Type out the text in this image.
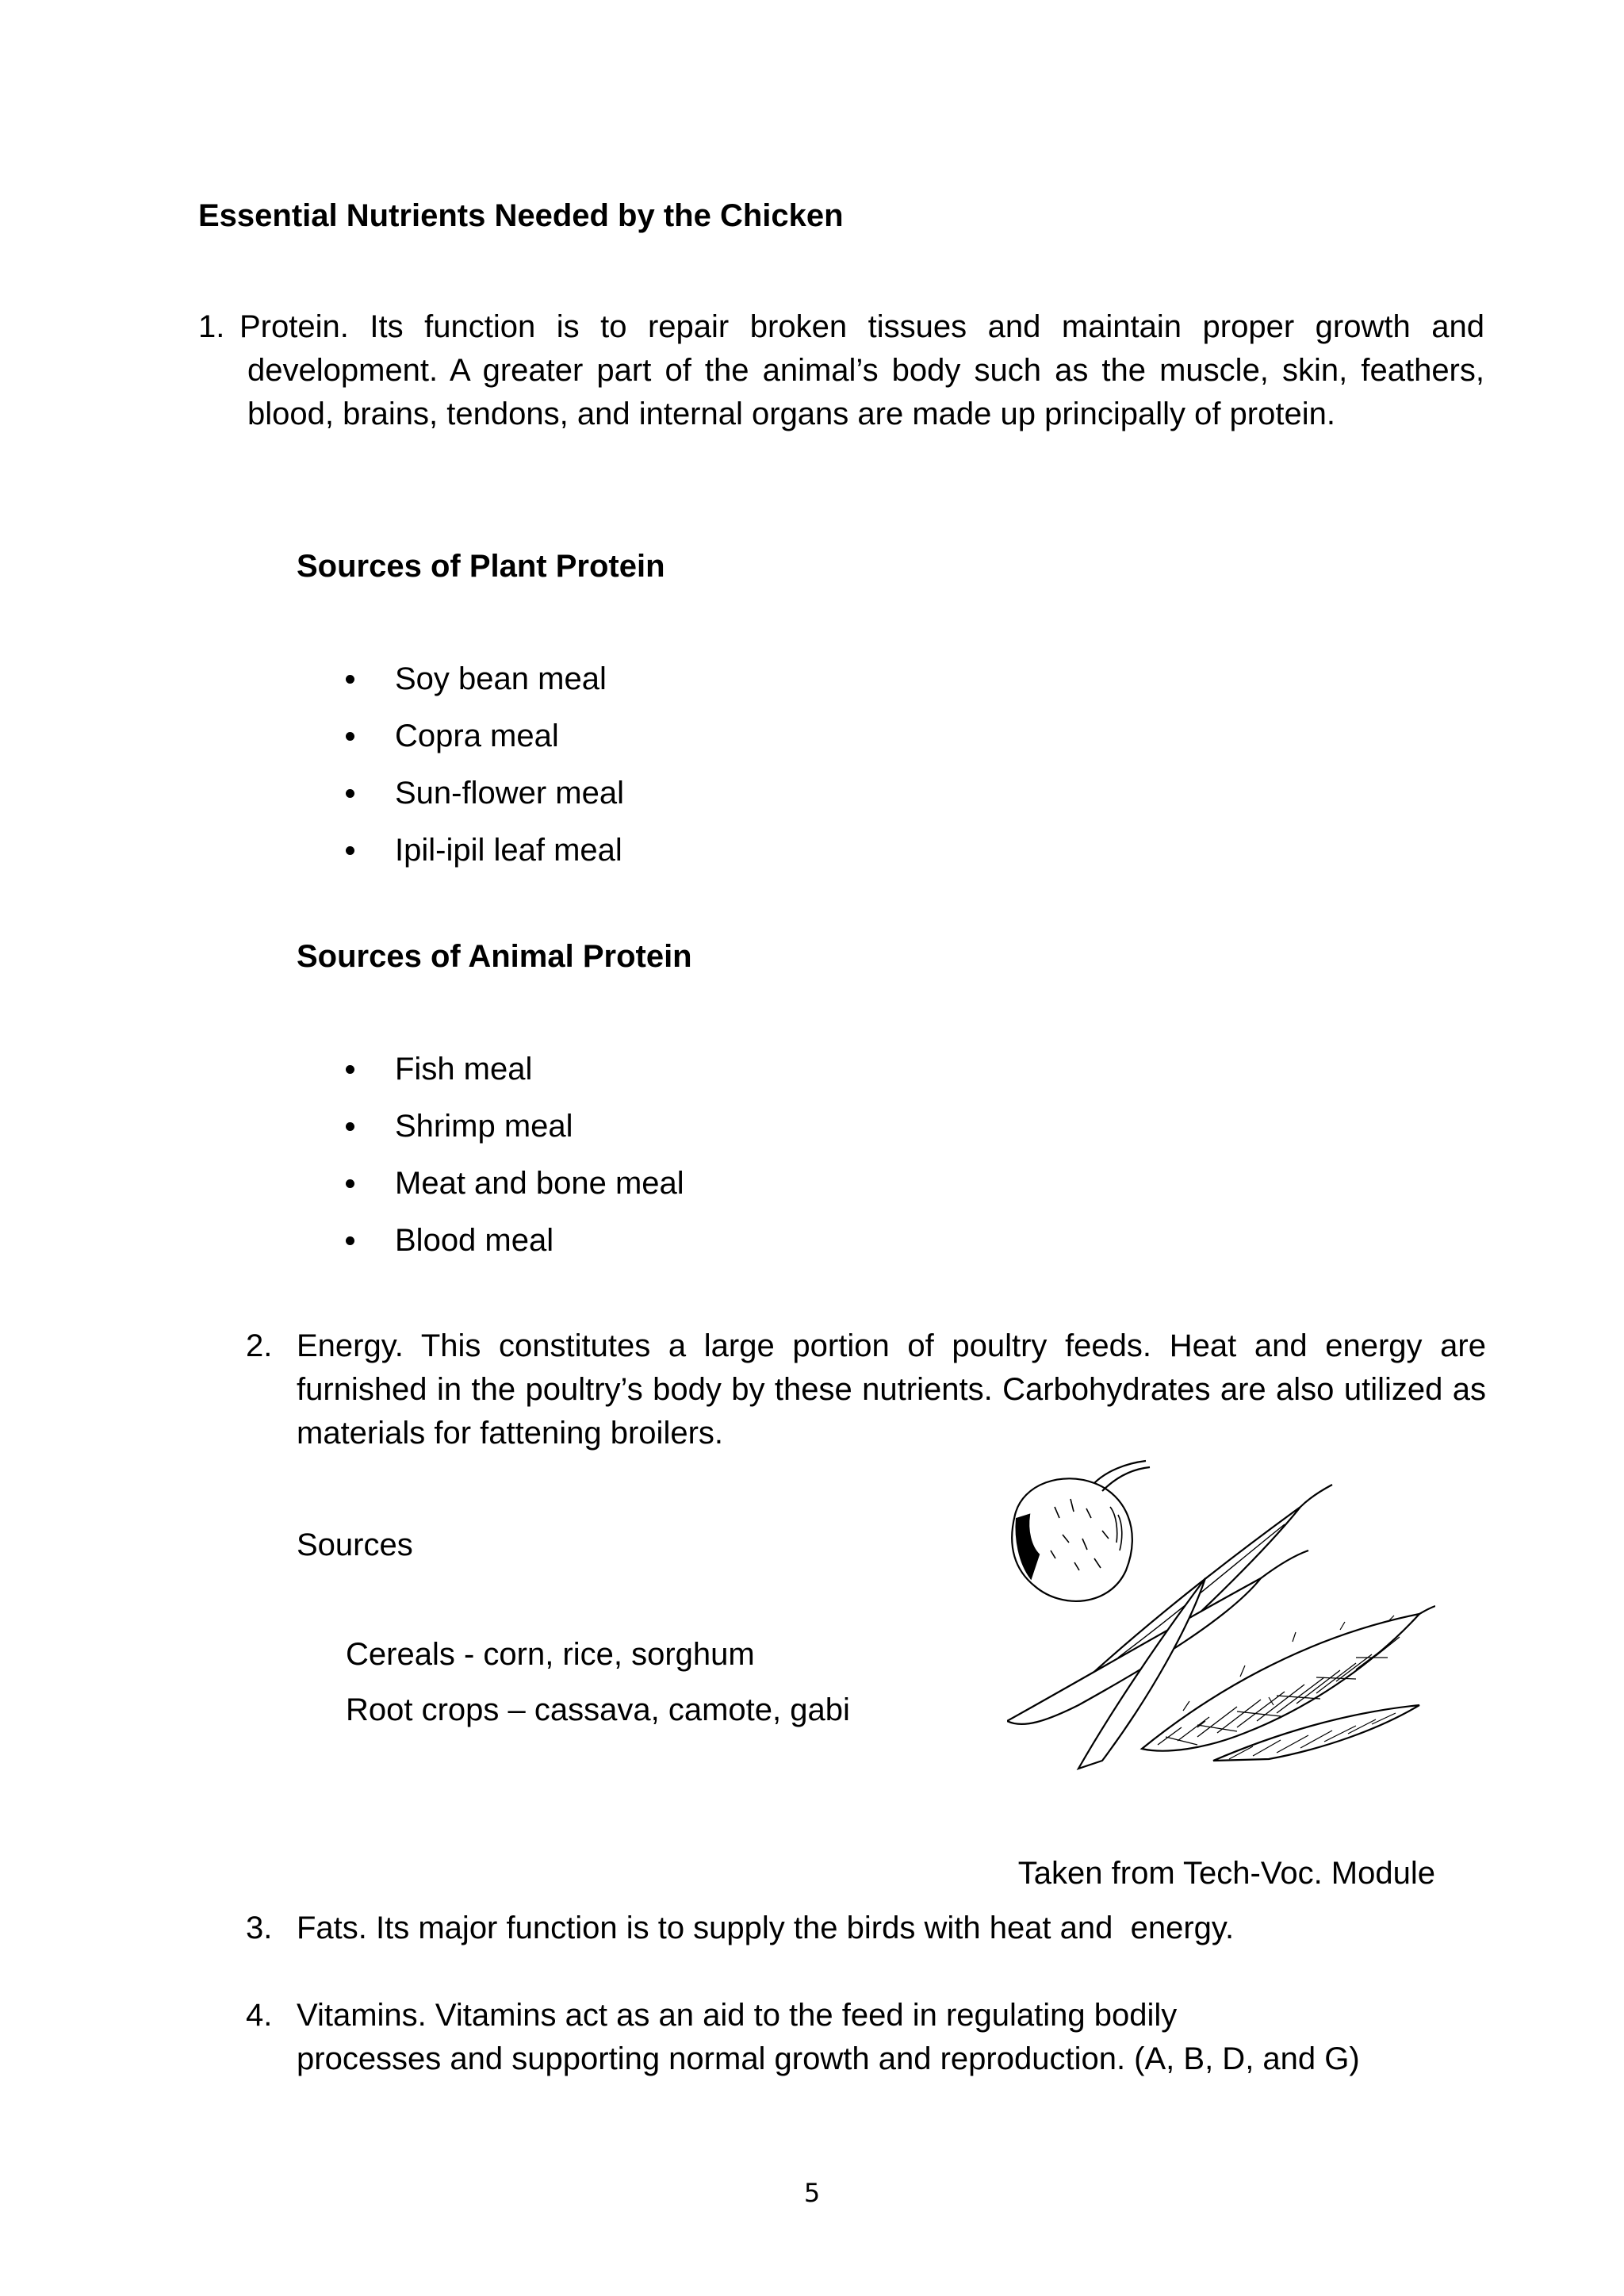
Essential Nutrients Needed by the Chicken
1. Protein. Its function is to repair broken tissues and maintain proper growth and development. A greater part of the animal’s body such as the muscle, skin, feathers, blood, brains, tendons, and internal organs are made up principally of protein.
Sources of Plant Protein
Soy bean meal
Copra meal
Sun-flower meal
Ipil-ipil leaf meal
Sources of Animal Protein
Fish meal
Shrimp meal
Meat and bone meal
Blood meal
2. Energy. This constitutes a large portion of poultry feeds. Heat and energy are furnished in the poultry’s body by these nutrients. Carbohydrates are also utilized as materials for fattening broilers.
Sources
Cereals - corn, rice, sorghum
Root crops – cassava, camote, gabi
Taken from Tech-Voc. Module
3. Fats. Its major function is to supply the birds with heat and  energy.
4. Vitamins. Vitamins act as an aid to the feed in regulating bodily
processes and supporting normal growth and reproduction. (A, B, D, and G)
5
